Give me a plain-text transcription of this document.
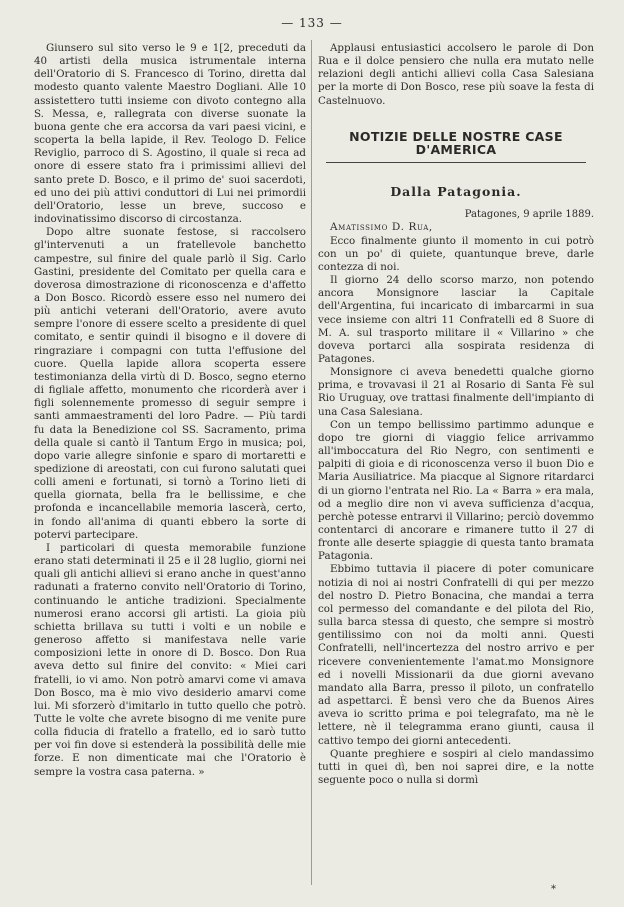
— 133 —

Giunsero sul sito verso le 9 e 1[2, preceduti da 40 artisti della musica istrumentale interna dell'Oratorio di S. Francesco di Torino, diretta dal modesto quanto valente Maestro Dogliani. Alle 10 assistettero tutti insieme con divoto contegno alla S. Messa, e, rallegrata con diverse suonate la buona gente che era accorsa da vari paesi vicini, e scoperta la bella lapide, il Rev. Teologo D. Felice Reviglio, parroco di S. Agostino, il quale si reca ad onore di essere stato fra i primissimi allievi del santo prete D. Bosco, e il primo de' suoi sacerdoti, ed uno dei più attivi conduttori di Lui nei primordii dell'Oratorio, lesse un breve, succoso e indovinatissimo discorso di circostanza.

Dopo altre suonate festose, si raccolsero gl'intervenuti a un fratellevole banchetto campestre, sul finire del quale parlò il Sig. Carlo Gastini, presidente del Comitato per quella cara e doverosa dimostrazione di riconoscenza e d'affetto a Don Bosco. Ricordò essere esso nel numero dei più antichi veterani dell'Oratorio, avere avuto sempre l'onore di essere scelto a presidente di quel comitato, e sentir quindi il bisogno e il dovere di ringraziare i compagni con tutta l'effusione del cuore. Quella lapide allora scoperta essere testimonianza della virtù di D. Bosco, segno eterno di figliale affetto, monumento che ricorderà aver i figli solennemente promesso di seguir sempre i santi ammaestramenti del loro Padre. — Più tardi fu data la Benedizione col SS. Sacramento, prima della quale si cantò il Tantum Ergo in musica; poi, dopo varie allegre sinfonie e sparo di mortaretti e spedizione di areostati, con cui furono salutati quei colli ameni e fortunati, si tornò a Torino lieti di quella giornata, bella fra le bellissime, e che profonda e incancellabile memoria lascerà, certo, in fondo all'anima di quanti ebbero la sorte di potervi partecipare.

I particolari di questa memorabile funzione erano stati determinati il 25 e il 28 luglio, giorni nei quali gli antichi allievi si erano anche in quest'anno radunati a fraterno convito nell'Oratorio di Torino, continuando le antiche tradizioni. Specialmente numerosi erano accorsi gli artisti. La gioia più schietta brillava su tutti i volti e un nobile e generoso affetto si manifestava nelle varie composizioni lette in onore di D. Bosco. Don Rua aveva detto sul finire del convito: « Miei cari fratelli, io vi amo. Non potrò amarvi come vi amava Don Bosco, ma è mio vivo desiderio amarvi come lui. Mi sforzerò d'imitarlo in tutto quello che potrò. Tutte le volte che avrete bisogno di me venite pure colla fiducia di fratello a fratello, ed io sarò tutto per voi fin dove si estenderà la possibilità delle mie forze. E non dimenticate mai che l'Oratorio è sempre la vostra casa paterna. »

Applausi entusiastici accolsero le parole di Don Rua e il dolce pensiero che nulla era mutato nelle relazioni degli antichi allievi colla Casa Salesiana per la morte di Don Bosco, rese più soave la festa di Castelnuovo.

NOTIZIE DELLE NOSTRE CASE D'AMERICA
Dalla Patagonia.
Patagones, 9 aprile 1889.

Amatissimo D. Rua,

Ecco finalmente giunto il momento in cui potrò con un po' di quiete, quantunque breve, darle contezza di noi.

Il giorno 24 dello scorso marzo, non potendo ancora Monsignore lasciar la Capitale dell'Argentina, fui incaricato di imbarcarmi in sua vece insieme con altri 11 Confratelli ed 8 Suore di M. A. sul trasporto militare il « Villarino » che doveva portarci alla sospirata residenza di Patagones.

Monsignore ci aveva benedetti qualche giorno prima, e trovavasi il 21 al Rosario di Santa Fè sul Rio Uruguay, ove trattasi finalmente dell'impianto di una Casa Salesiana.

Con un tempo bellissimo partimmo adunque e dopo tre giorni di viaggio felice arrivammo all'imboccatura del Rio Negro, con sentimenti e palpiti di gioia e di riconoscenza verso il buon Dio e Maria Ausiliatrice. Ma piacque al Signore ritardarci di un giorno l'entrata nel Rio. La « Barra » era mala, od a meglio dire non vi aveva sufficienza d'acqua, perchè potesse entrarvi il Villarino; perciò dovemmo contentarci di ancorare e rimanere tutto il 27 di fronte alle deserte spiaggie di questa tanto bramata Patagonia.

Ebbimo tuttavia il piacere di poter comunicare notizia di noi ai nostri Confratelli di qui per mezzo del nostro D. Pietro Bonacina, che mandai a terra col permesso del comandante e del pilota del Rio, sulla barca stessa di questo, che sempre si mostrò gentilissimo con noi da molti anni. Questi Confratelli, nell'incertezza del nostro arrivo e per ricevere convenientemente l'amat.mo Monsignore ed i novelli Missionarii da due giorni avevano mandato alla Barra, presso il piloto, un confratello ad aspettarci. È bensì vero che da Buenos Aires aveva io scritto prima e poi telegrafato, ma nè le lettere, nè il telegramma erano giunti, causa il cattivo tempo dei giorni antecedenti.

Quante preghiere e sospiri al cielo mandassimo tutti in quei dì, ben noi saprei dire, e la notte seguente poco o nulla si dormì

*
